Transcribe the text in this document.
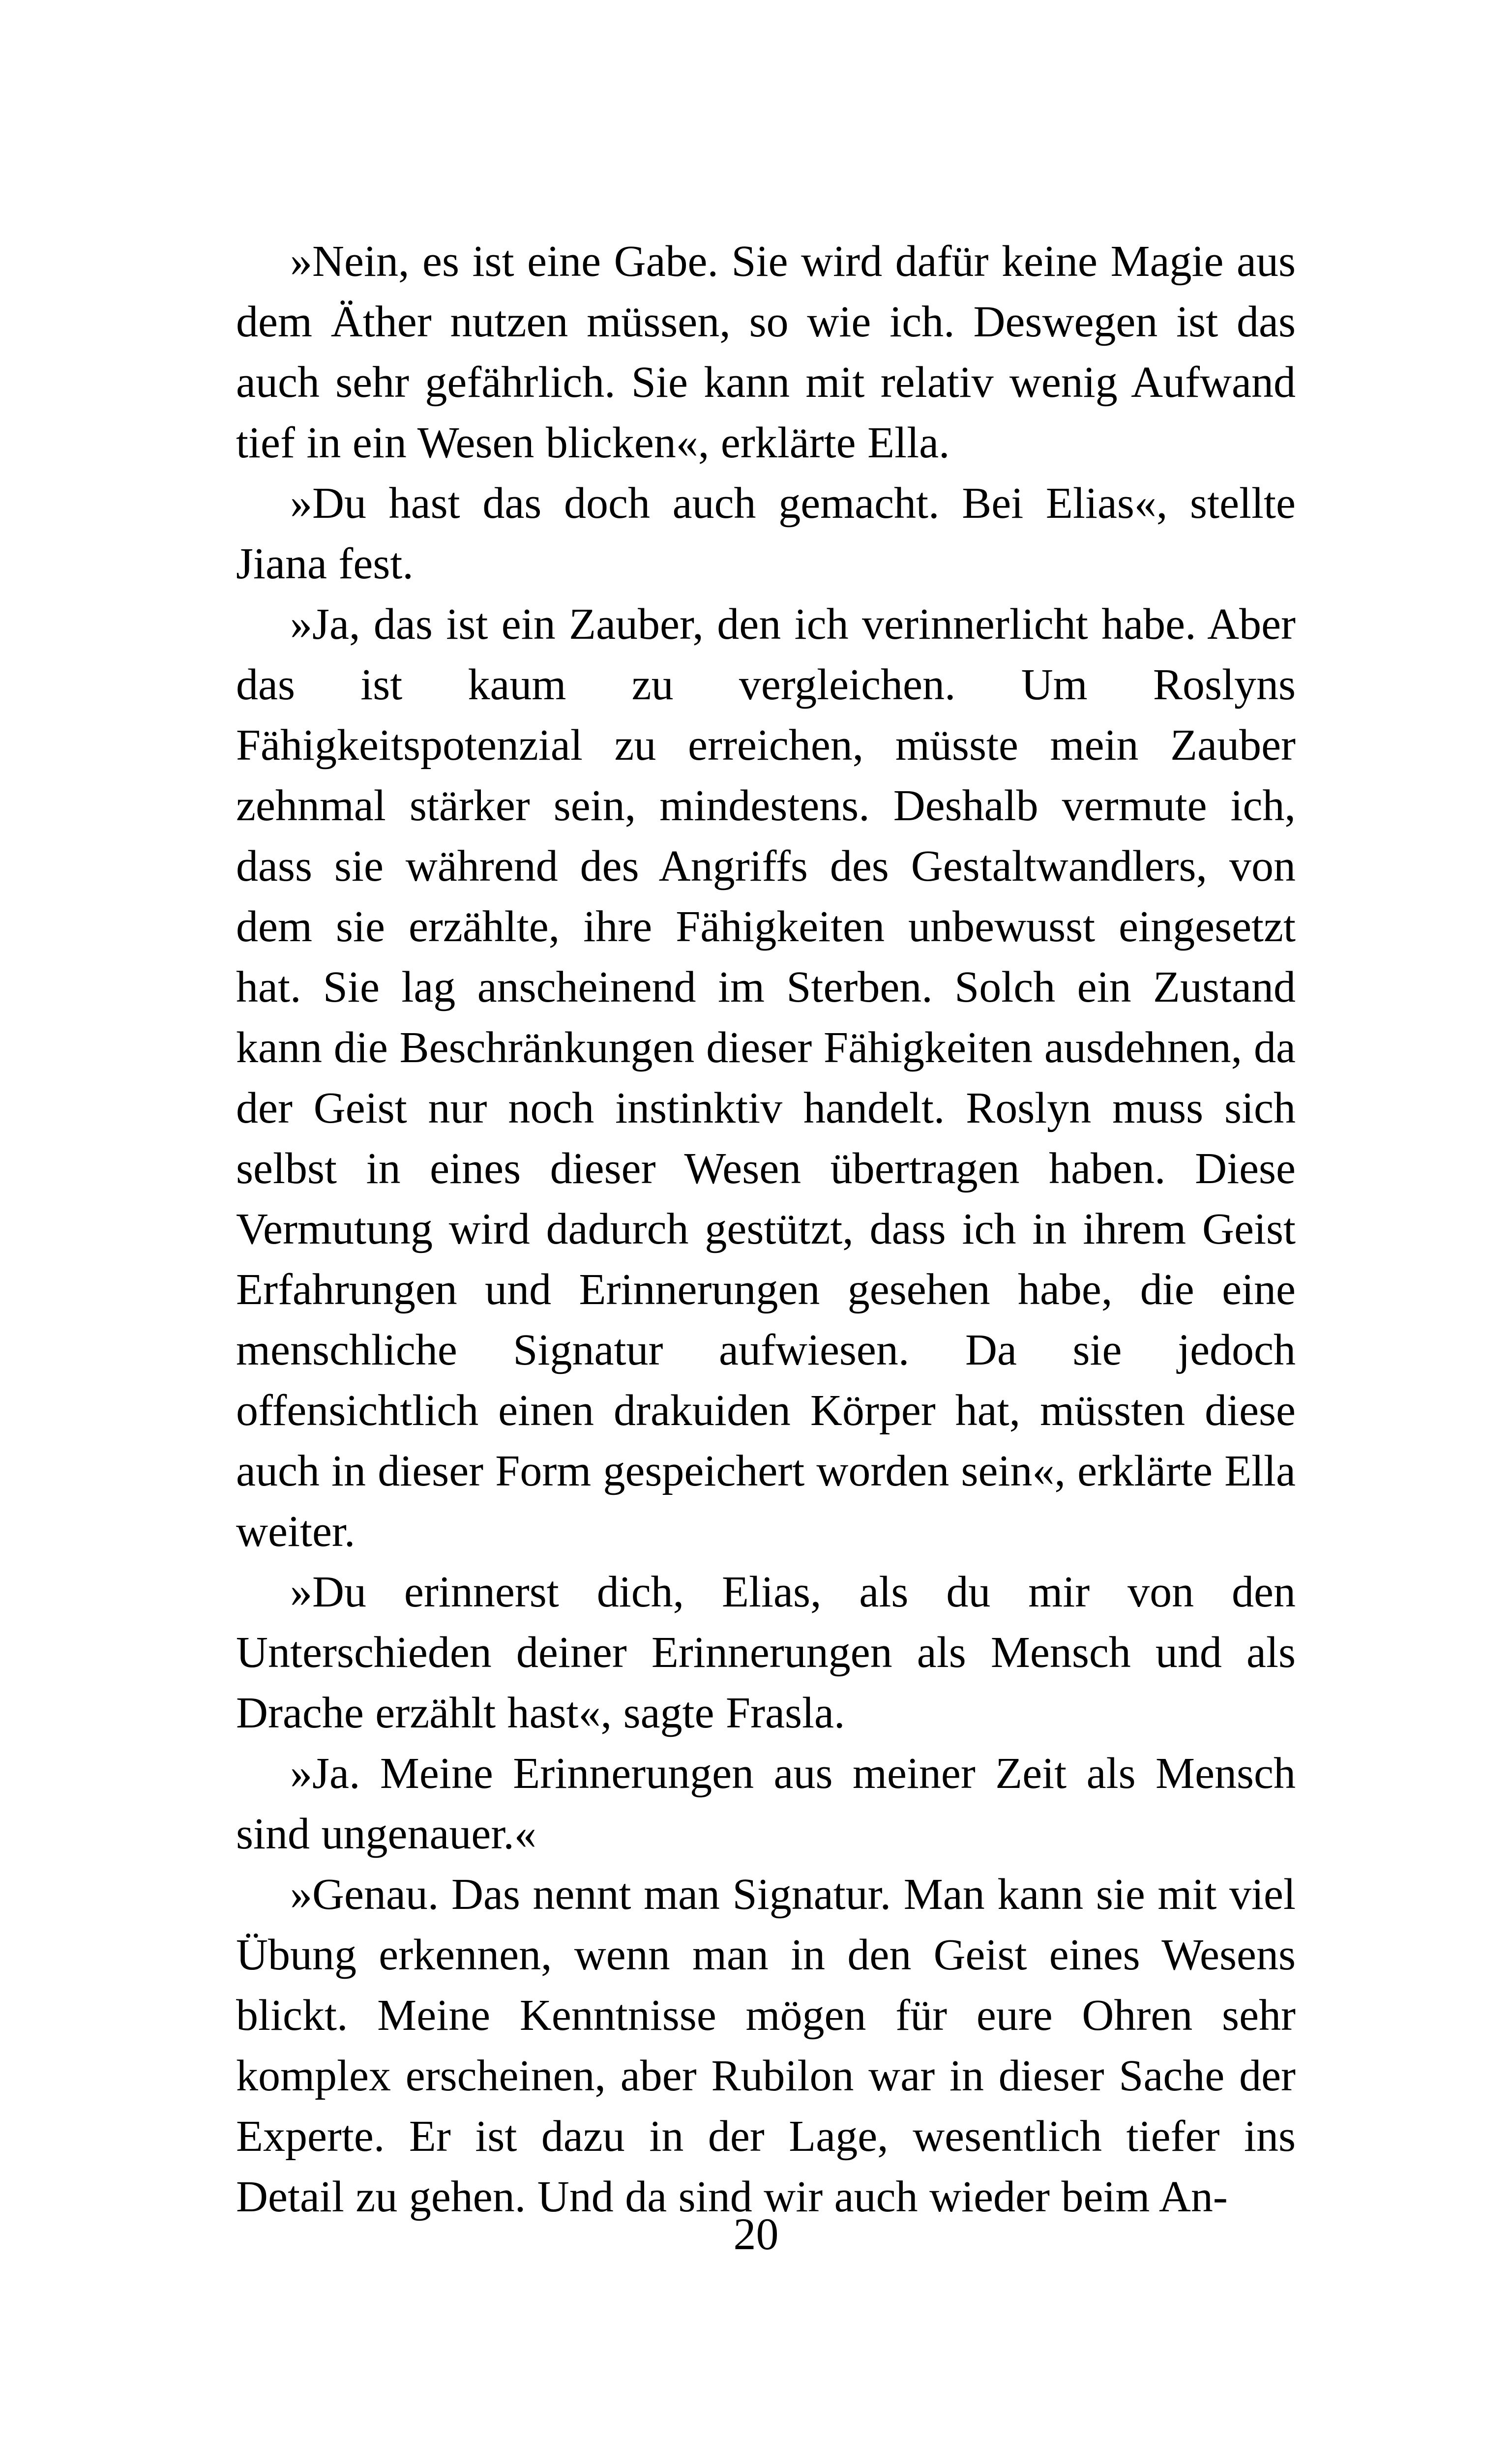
»Nein, es ist eine Gabe. Sie wird dafür keine Magie aus dem Äther nutzen müssen, so wie ich. Deswegen ist das auch sehr gefährlich. Sie kann mit relativ wenig Aufwand tief in ein Wesen blicken«, erklärte Ella.

»Du hast das doch auch gemacht. Bei Elias«, stellte Jiana fest.

»Ja, das ist ein Zauber, den ich verinnerlicht habe. Aber das ist kaum zu vergleichen. Um Roslyns Fähigkeitspotenzial zu erreichen, müsste mein Zauber zehnmal stärker sein, mindestens. Deshalb vermute ich, dass sie während des Angriffs des Gestaltwandlers, von dem sie erzählte, ihre Fähigkeiten unbewusst eingesetzt hat. Sie lag anscheinend im Sterben. Solch ein Zustand kann die Beschränkungen dieser Fähigkeiten ausdehnen, da der Geist nur noch instinktiv handelt. Roslyn muss sich selbst in eines dieser Wesen übertragen haben. Diese Vermutung wird dadurch gestützt, dass ich in ihrem Geist Erfahrungen und Erinnerungen gesehen habe, die eine menschliche Signatur aufwiesen. Da sie jedoch offensichtlich einen drakuiden Körper hat, müssten diese auch in dieser Form gespeichert worden sein«, erklärte Ella weiter.

»Du erinnerst dich, Elias, als du mir von den Unterschieden deiner Erinnerungen als Mensch und als Drache erzählt hast«, sagte Frasla.

»Ja. Meine Erinnerungen aus meiner Zeit als Mensch sind ungenauer.«

»Genau. Das nennt man Signatur. Man kann sie mit viel Übung erkennen, wenn man in den Geist eines Wesens blickt. Meine Kenntnisse mögen für eure Ohren sehr komplex erscheinen, aber Rubilon war in dieser Sache der Experte. Er ist dazu in der Lage, wesentlich tiefer ins Detail zu gehen. Und da sind wir auch wieder beim An-

20
